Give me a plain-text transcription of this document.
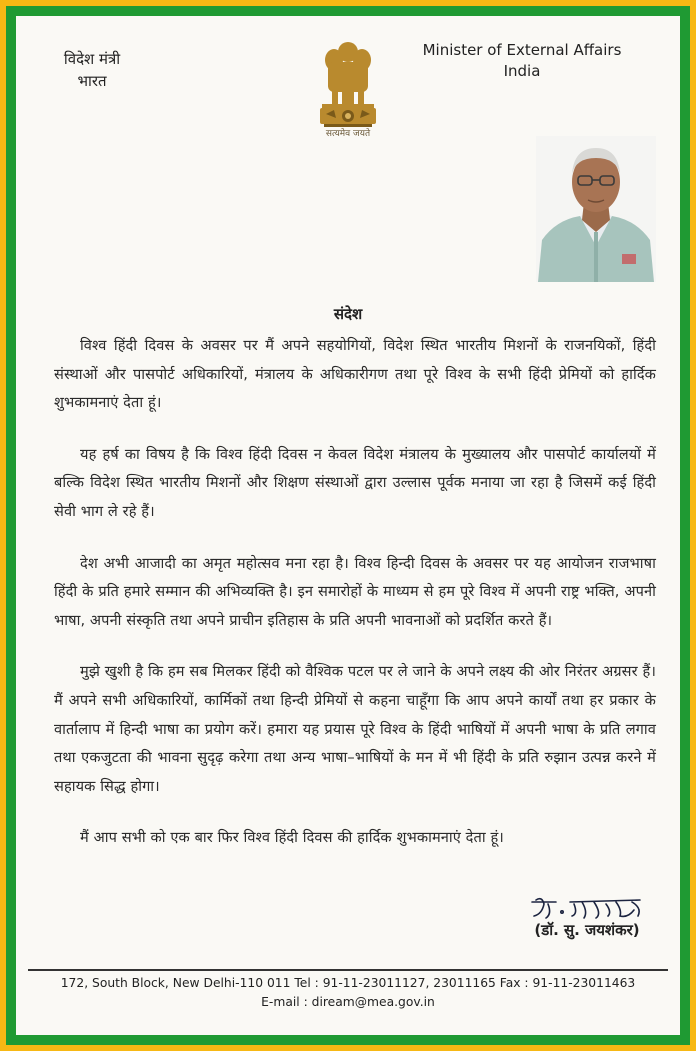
विदेश मंत्री
भारत
सत्यमेव जयते
Minister of External Affairs
India
संदेश

विश्व हिंदी दिवस के अवसर पर मैं अपने सहयोगियों, विदेश स्थित भारतीय मिशनों के राजनयिकों, हिंदी संस्थाओं और पासपोर्ट अधिकारियों, मंत्रालय के अधिकारीगण तथा पूरे विश्व के सभी हिंदी प्रेमियों को हार्दिक शुभकामनाएं देता हूं।

यह हर्ष का विषय है कि विश्व हिंदी दिवस न केवल विदेश मंत्रालय के मुख्यालय और पासपोर्ट कार्यालयों में बल्कि विदेश स्थित भारतीय मिशनों और शिक्षण संस्थाओं द्वारा उल्लास पूर्वक मनाया जा रहा है जिसमें कई हिंदी सेवी भाग ले रहे हैं।

देश अभी आजादी का अमृत महोत्सव मना रहा है। विश्व हिन्दी दिवस के अवसर पर यह आयोजन राजभाषा हिंदी के प्रति हमारे सम्मान की अभिव्यक्ति है। इन समारोहों के माध्यम से हम पूरे विश्व में अपनी राष्ट्र भक्ति, अपनी भाषा, अपनी संस्कृति तथा अपने प्राचीन इतिहास के प्रति अपनी भावनाओं को प्रदर्शित करते हैं।

मुझे खुशी है कि हम सब मिलकर हिंदी को वैश्विक पटल पर ले जाने के अपने लक्ष्य की ओर निरंतर अग्रसर हैं। मैं अपने सभी अधिकारियों, कार्मिकों तथा हिन्दी प्रेमियों से कहना चाहूँगा कि आप अपने कार्यों तथा हर प्रकार के वार्तालाप में हिन्दी भाषा का प्रयोग करें। हमारा यह प्रयास पूरे विश्व के हिंदी भाषियों में अपनी भाषा के प्रति लगाव तथा एकजुटता की भावना सुदृढ़ करेगा तथा अन्य भाषा–भाषियों के मन में भी हिंदी के प्रति रुझान उत्पन्न करने में सहायक सिद्ध होगा।

मैं आप सभी को एक बार फिर विश्व हिंदी दिवस की हार्दिक शुभकामनाएं देता हूं।

(डॉ. सु. जयशंकर)
172, South Block, New Delhi-110 011 Tel : 91-11-23011127, 23011165 Fax : 91-11-23011463
E-mail : diream@mea.gov.in
